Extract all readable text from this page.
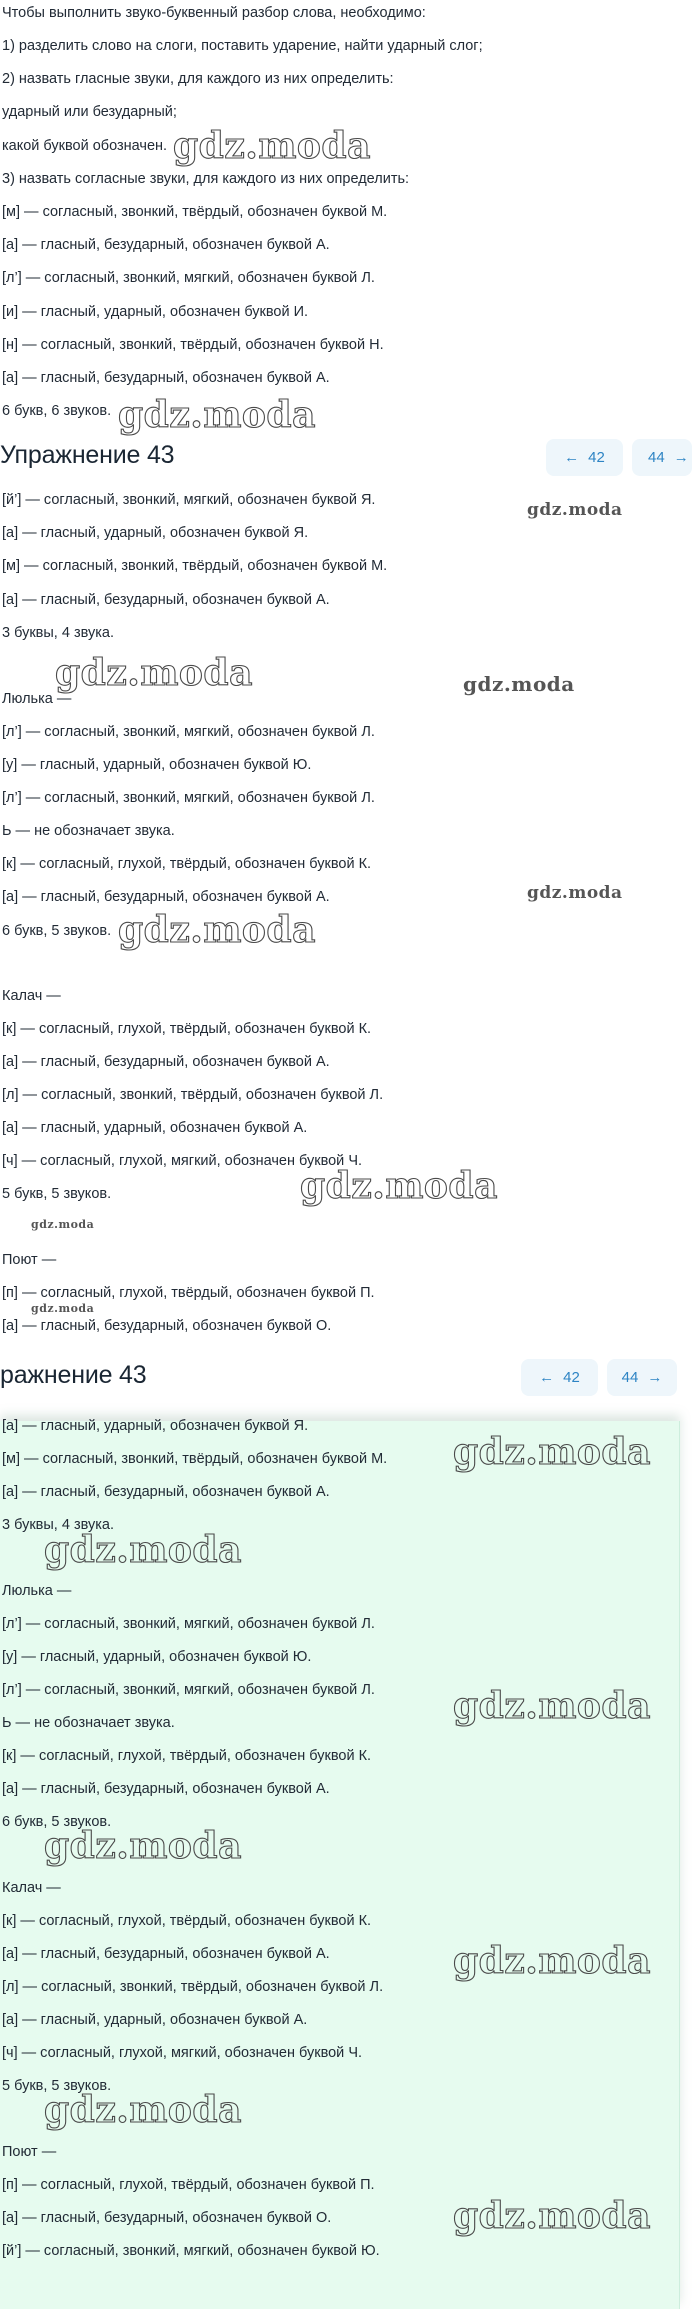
Чтобы выполнить звуко-буквенный разбор слова, необходимо:
1) разделить слово на слоги, поставить ударение, найти ударный слог;
2) назвать гласные звуки, для каждого из них определить:
ударный или безударный;
какой буквой обозначен.
3) назвать согласные звуки, для каждого из них определить:
[м] — согласный, звонкий, твёрдый, обозначен буквой М.
[а] — гласный, безударный, обозначен буквой А.
[л’] — согласный, звонкий, мягкий, обозначен буквой Л.
[и] — гласный, ударный, обозначен буквой И.
[н] — согласный, звонкий, твёрдый, обозначен буквой Н.
[а] — гласный, безударный, обозначен буквой А.
6 букв, 6 звуков.
Упражнение 43	← 42	44 →
[й’] — согласный, звонкий, мягкий, обозначен буквой Я.
[а] — гласный, ударный, обозначен буквой Я.
[м] — согласный, звонкий, твёрдый, обозначен буквой М.
[а] — гласный, безударный, обозначен буквой А.
3 буквы, 4 звука.
Люлька —
[л’] — согласный, звонкий, мягкий, обозначен буквой Л.
[у] — гласный, ударный, обозначен буквой Ю.
[л’] — согласный, звонкий, мягкий, обозначен буквой Л.
Ь — не обозначает звука.
[к] — согласный, глухой, твёрдый, обозначен буквой К.
[а] — гласный, безударный, обозначен буквой А.
6 букв, 5 звуков.
Калач —
[к] — согласный, глухой, твёрдый, обозначен буквой К.
[а] — гласный, безударный, обозначен буквой А.
[л] — согласный, звонкий, твёрдый, обозначен буквой Л.
[а] — гласный, ударный, обозначен буквой А.
[ч] — согласный, глухой, мягкий, обозначен буквой Ч.
5 букв, 5 звуков.
Поют —
[п] — согласный, глухой, твёрдый, обозначен буквой П.
[а] — гласный, безударный, обозначен буквой О.
gdz.moda
gdz.moda
gdz.moda
gdz.moda	gdz.moda
gdz.moda
gdz.moda
gdz.moda
gdz.moda
gdz.moda
ражнение 43	← 42	44 →
[а] — гласный, ударный, обозначен буквой Я.
[м] — согласный, звонкий, твёрдый, обозначен буквой М.
[а] — гласный, безударный, обозначен буквой А.
3 буквы, 4 звука.
Люлька —
[л’] — согласный, звонкий, мягкий, обозначен буквой Л.
[у] — гласный, ударный, обозначен буквой Ю.
[л’] — согласный, звонкий, мягкий, обозначен буквой Л.
Ь — не обозначает звука.
[к] — согласный, глухой, твёрдый, обозначен буквой К.
[а] — гласный, безударный, обозначен буквой А.
6 букв, 5 звуков.
Калач —
[к] — согласный, глухой, твёрдый, обозначен буквой К.
[а] — гласный, безударный, обозначен буквой А.
[л] — согласный, звонкий, твёрдый, обозначен буквой Л.
[а] — гласный, ударный, обозначен буквой А.
[ч] — согласный, глухой, мягкий, обозначен буквой Ч.
5 букв, 5 звуков.
Поют —
[п] — согласный, глухой, твёрдый, обозначен буквой П.
[а] — гласный, безударный, обозначен буквой О.
[й’] — согласный, звонкий, мягкий, обозначен буквой Ю.
gdz.moda
gdz.moda
gdz.moda
gdz.moda
gdz.moda
gdz.moda
gdz.moda
